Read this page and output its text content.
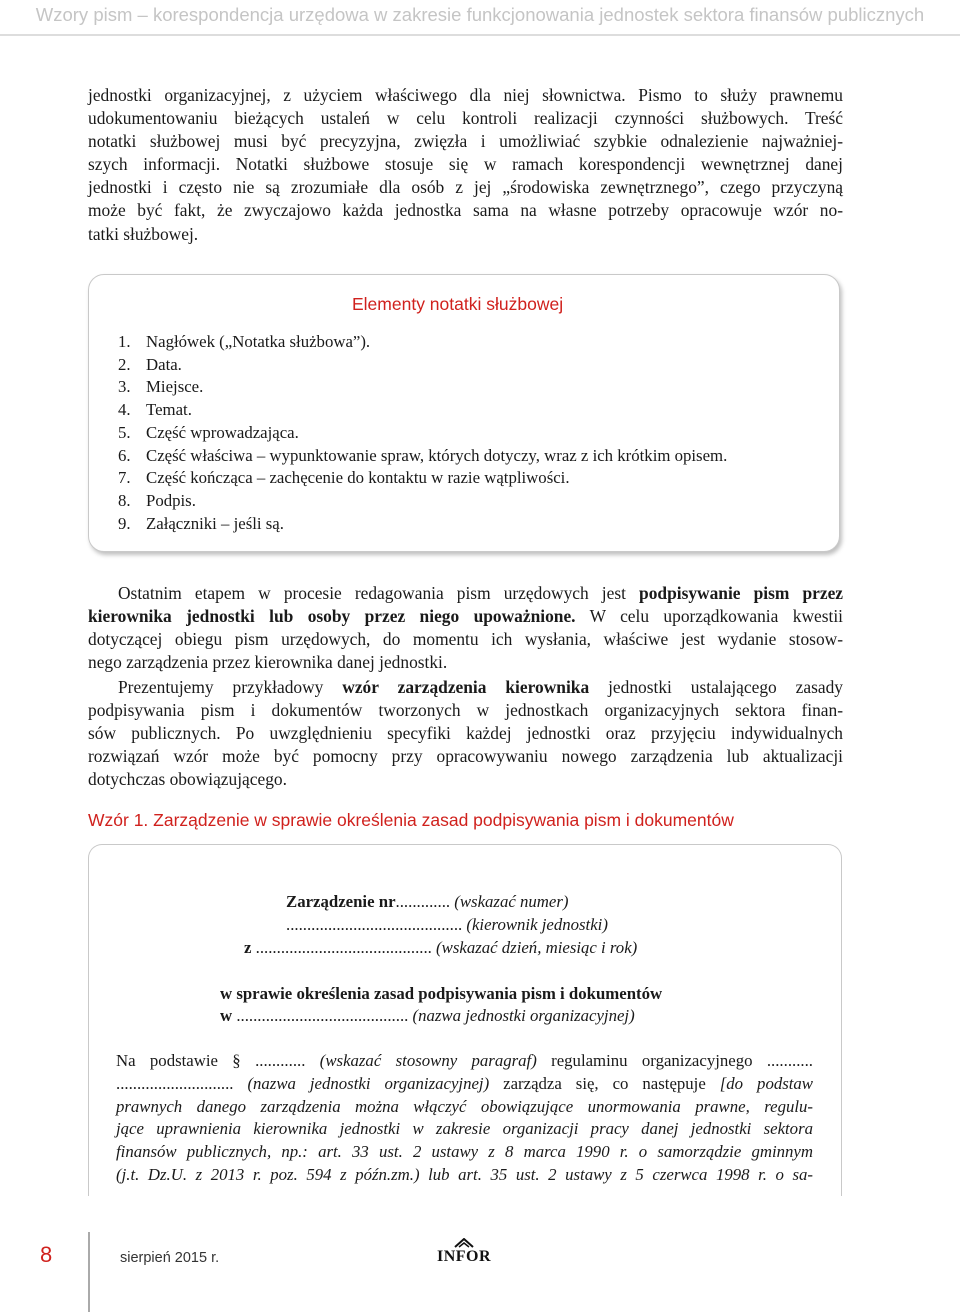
Wzory pism – korespondencja urzędowa w zakresie funkcjonowania jednostek sektora finansów publicznych
jednostki organizacyjnej, z użyciem właściwego dla niej słownictwa. Pismo to służy prawnemu
udokumentowaniu bieżących ustaleń w celu kontroli realizacji czynności służbowych. Treść
notatki służbowej musi być precyzyjna, zwięzła i umożliwiać szybkie odnalezienie najważniej-
szych informacji. Notatki służbowe stosuje się w ramach korespondencji wewnętrznej danej
jednostki i często nie są zrozumiałe dla osób z jej „środowiska zewnętrznego”, czego przyczyną
może być fakt, że zwyczajowo każda jednostka sama na własne potrzeby opracowuje wzór no-
tatki służbowej.
Elementy notatki służbowej
1. Nagłówek („Notatka służbowa”).
2. Data.
3. Miejsce.
4. Temat.
5. Część wprowadzająca.
6. Część właściwa – wypunktowanie spraw, których dotyczy, wraz z ich krótkim opisem.
7. Część kończąca – zachęcenie do kontaktu w razie wątpliwości.
8. Podpis.
9. Załączniki – jeśli są.
Ostatnim etapem w procesie redagowania pism urzędowych jest podpisywanie pism przez
kierownika jednostki lub osoby przez niego upoważnione. W celu uporządkowania kwestii
dotyczącej obiegu pism urzędowych, do momentu ich wysłania, właściwe jest wydanie stosow-
nego zarządzenia przez kierownika danej jednostki.
Prezentujemy przykładowy wzór zarządzenia kierownika jednostki ustalającego zasady
podpisywania pism i dokumentów tworzonych w jednostkach organizacyjnych sektora finan-
sów publicznych. Po uwzględnieniu specyfiki każdej jednostki oraz przyjęciu indywidualnych
rozwiązań wzór może być pomocny przy opracowywaniu nowego zarządzenia lub aktualizacji
dotychczas obowiązującego.
Wzór 1. Zarządzenie w sprawie określenia zasad podpisywania pism i dokumentów
Zarządzenie nr............. (wskazać numer)
.......................................... (kierownik jednostki)
z .......................................... (wskazać dzień, miesiąc i rok)
w sprawie określenia zasad podpisywania pism i dokumentów
w ......................................... (nazwa jednostki organizacyjnej)
Na podstawie § ............ (wskazać stosowny paragraf) regulaminu organizacyjnego ...........
............................ (nazwa jednostki organizacyjnej) zarządza się, co następuje [do podstaw
prawnych danego zarządzenia można włączyć obowiązujące unormowania prawne, regulu-
jące uprawnienia kierownika jednostki w zakresie organizacji pracy danej jednostki sektora
finansów publicznych, np.: art. 33 ust. 2 ustawy z 8 marca 1990 r. o samorządzie gminnym
(j.t. Dz.U. z 2013 r. poz. 594 z późn.zm.) lub art. 35 ust. 2 ustawy z 5 czerwca 1998 r. o sa-
8	sierpień 2015 r.	INFOR
